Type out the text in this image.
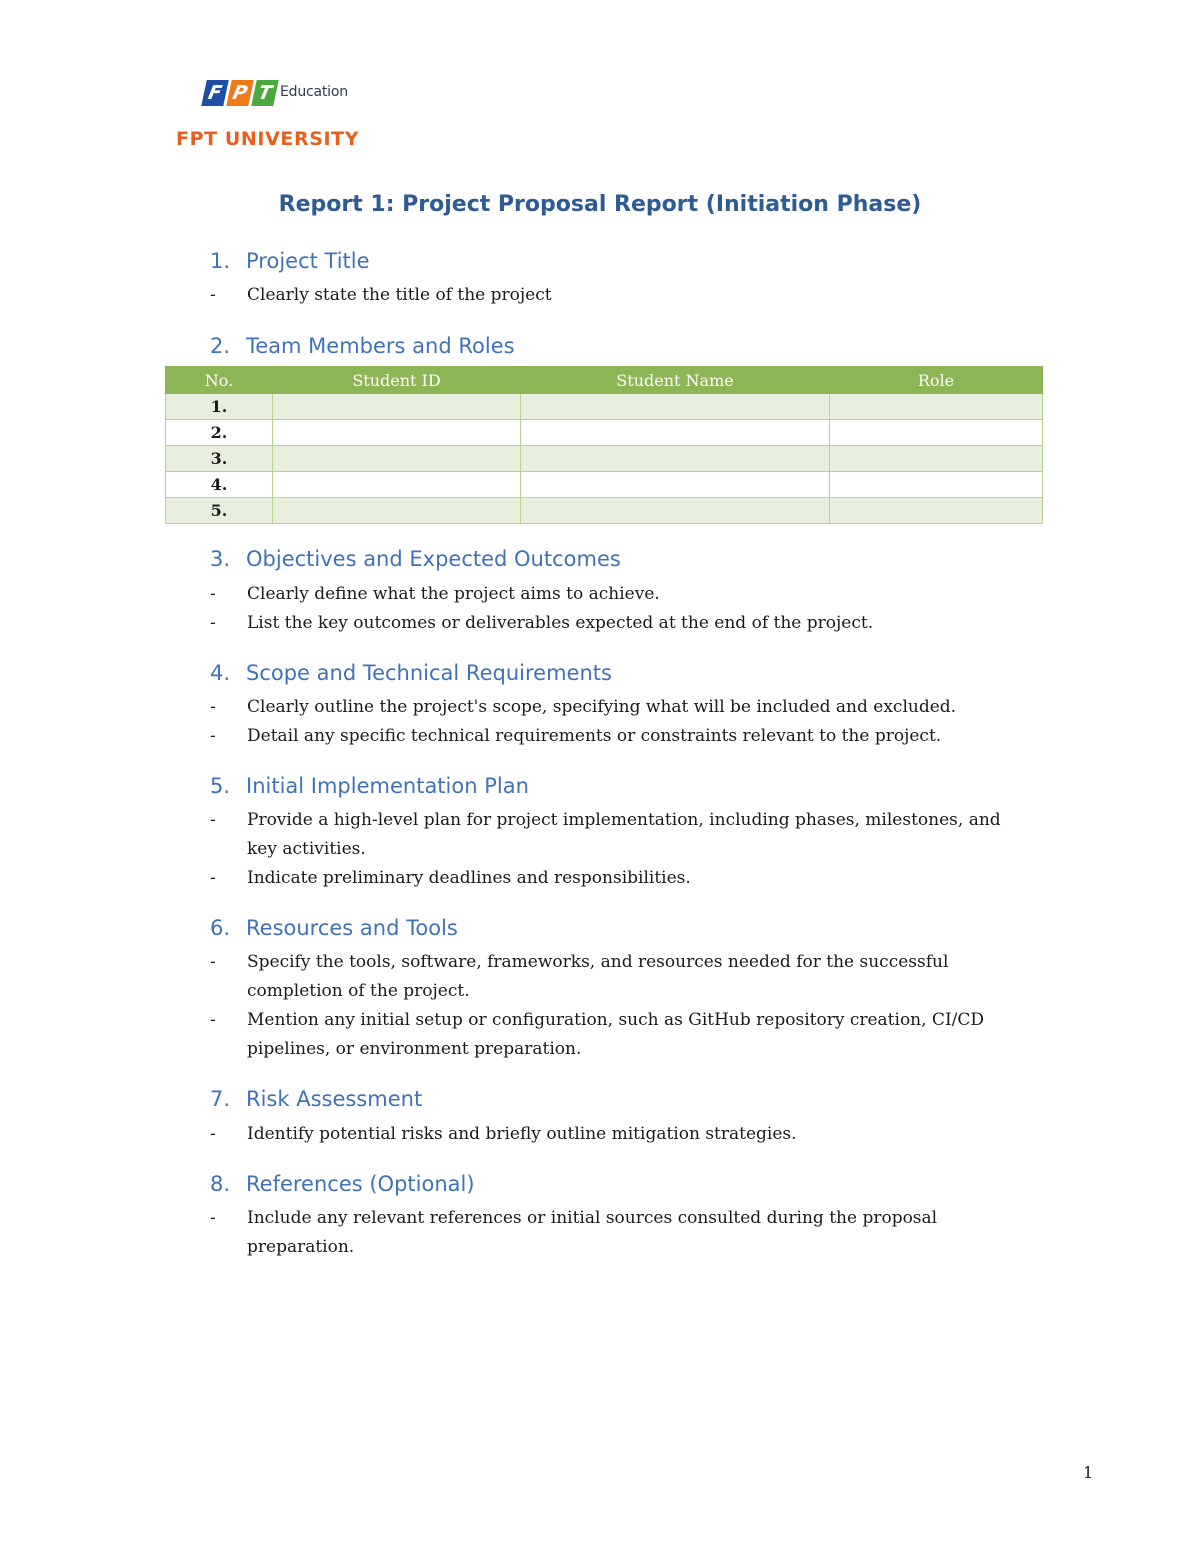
F P T Education
FPT UNIVERSITY
Report 1: Project Proposal Report (Initiation Phase)
1. Project Title
-	Clearly state the title of the project
2. Team Members and Roles
No.	Student ID	Student Name	Role
1.			
2.			
3.			
4.			
5.			
3. Objectives and Expected Outcomes
-	Clearly define what the project aims to achieve.
-	List the key outcomes or deliverables expected at the end of the project.
4. Scope and Technical Requirements
-	Clearly outline the project's scope, specifying what will be included and excluded.
-	Detail any specific technical requirements or constraints relevant to the project.
5. Initial Implementation Plan
-	Provide a high-level plan for project implementation, including phases, milestones, and key activities.
-	Indicate preliminary deadlines and responsibilities.
6. Resources and Tools
-	Specify the tools, software, frameworks, and resources needed for the successful completion of the project.
-	Mention any initial setup or configuration, such as GitHub repository creation, CI/CD pipelines, or environment preparation.
7. Risk Assessment
-	Identify potential risks and briefly outline mitigation strategies.
8. References (Optional)
-	Include any relevant references or initial sources consulted during the proposal preparation.
1
